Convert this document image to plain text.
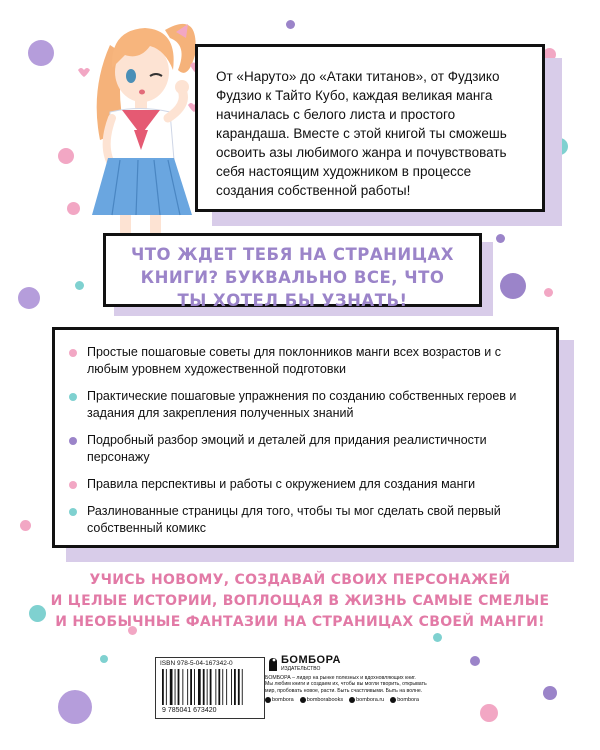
От «Наруто» до «Атаки титанов», от Фудзико Фудзио к Тайто Кубо, каждая великая манга начиналась с белого листа и простого карандаша. Вместе с этой книгой ты сможешь освоить азы любимого жанра и почувствовать себя настоящим художником в процессе создания собственной работы!
ЧТО ЖДЕТ ТЕБЯ НА СТРАНИЦАХ
КНИГИ? БУКВАЛЬНО ВСЕ, ЧТО
ТЫ ХОТЕЛ БЫ УЗНАТЬ!
Простые пошаговые советы для поклонников манги всех возрастов и с любым уровнем художественной подготовки
Практические пошаговые упражнения по созданию собственных героев и задания для закрепления полученных знаний
Подробный разбор эмоций и деталей для придания реалистичности персонажу
Правила перспективы и работы с окружением для создания манги
Разлинованные страницы для того, чтобы ты мог сделать свой первый собственный комикс
УЧИСЬ НОВОМУ, СОЗДАВАЙ СВОИХ ПЕРСОНАЖЕЙ
И ЦЕЛЫЕ ИСТОРИИ, ВОПЛОЩАЯ В ЖИЗНЬ САМЫЕ СМЕЛЫЕ
И НЕОБЫЧНЫЕ ФАНТАЗИИ НА СТРАНИЦАХ СВОЕЙ МАНГИ!
ISBN 978-5-04-167342-0
9 785041 673420
БОМБОРА
ИЗДАТЕЛЬСТВО
БОМБОРА – лидер на рынке полезных и вдохновляющих книг.
Мы любим книги и создаем их, чтобы вы могли творить, открывать
мир, пробовать новое, расти. Быть счастливыми. Быть на волне.
bombora bomborabooks bombora.ru bombora
